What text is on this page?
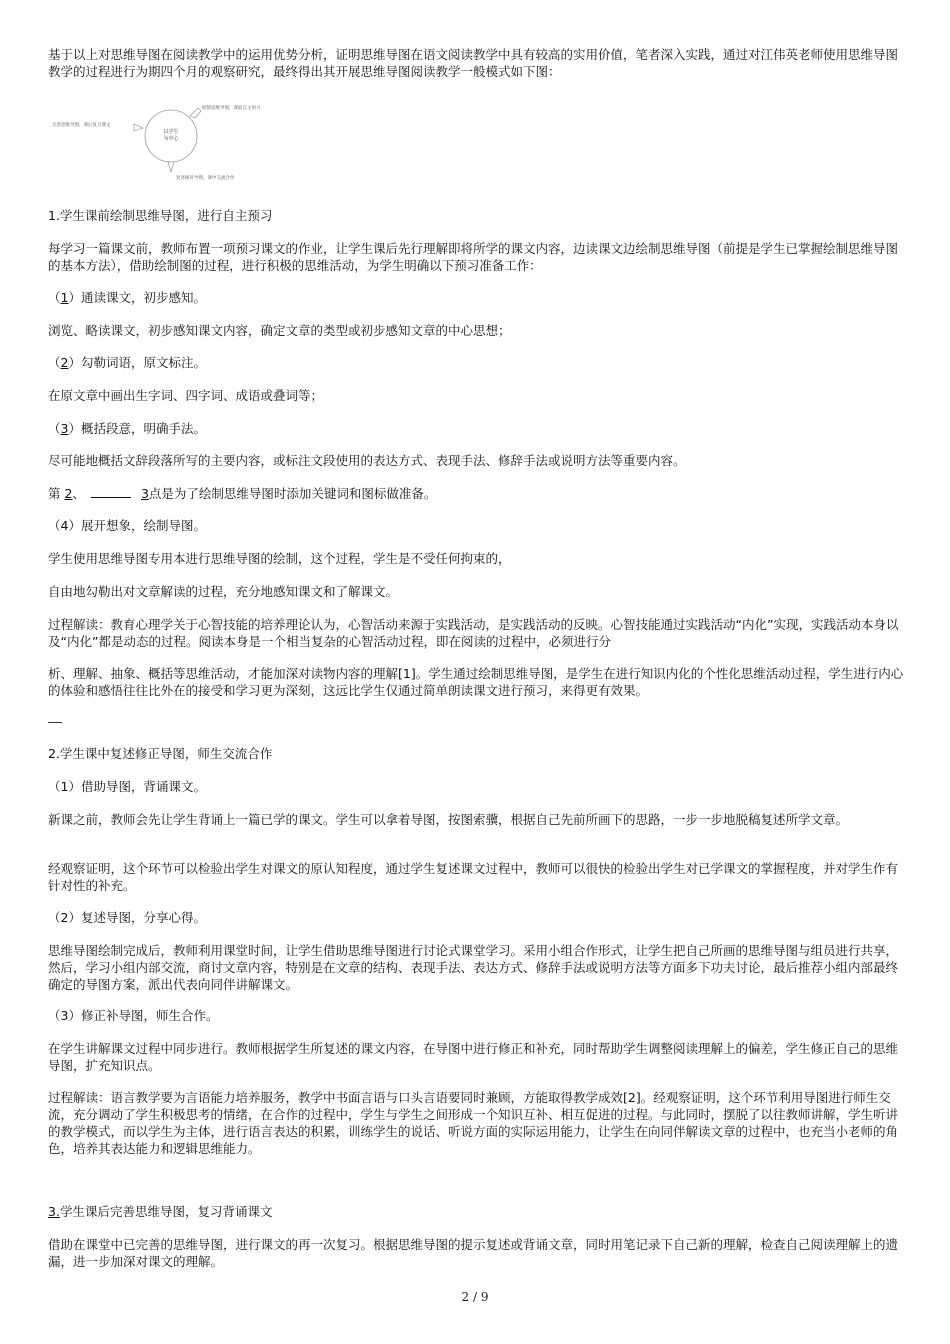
基于以上对思维导图在阅读教学中的运用优势分析，证明思维导图在语文阅读教学中具有较高的实用价值，笔者深入实践，通过对江伟英老师使用思维导图教学的过程进行为期四个月的观察研究，最终得出其开展思维导图阅读教学一般模式如下图：

以学生
为中心
绘制思维导图，课前自主预习
完善思维导图，课后复习课文
复述修补导图，课中交流合作

1.学生课前绘制思维导图，进行自主预习

每学习一篇课文前，教师布置一项预习课文的作业，让学生课后先行理解即将所学的课文内容，边读课文边绘制思维导图（前提是学生已掌握绘制思维导图的基本方法），借助绘制图的过程，进行积极的思维活动，为学生明确以下预习准备工作：

（1）通读课文，初步感知。

浏览、略读课文，初步感知课文内容，确定文章的类型或初步感知文章的中心思想；

（2）勾勒词语，原文标注。

在原文章中画出生字词、四字词、成语或叠词等；

（3）概括段意，明确手法。

尽可能地概括文辞段落所写的主要内容，或标注文段使用的表达方式、表现手法、修辞手法或说明方法等重要内容。

第 2、	3点是为了绘制思维导图时添加关键词和图标做准备。

（4）展开想象，绘制导图。

学生使用思维导图专用本进行思维导图的绘制，这个过程，学生是不受任何拘束的，

自由地勾勒出对文章解读的过程，充分地感知课文和了解课文。

过程解读：教育心理学关于心智技能的培养理论认为，心智活动来源于实践活动，是实践活动的反映。心智技能通过实践活动“内化”实现，实践活动本身以及“内化”都是动态的过程。阅读本身是一个相当复杂的心智活动过程，即在阅读的过程中，必须进行分

析、理解、抽象、概括等思维活动，才能加深对读物内容的理解[1]。学生通过绘制思维导图，是学生在进行知识内化的个性化思维活动过程，学生进行内心的体验和感悟往往比外在的接受和学习更为深刻，这远比学生仅通过简单朗读课文进行预习，来得更有效果。

2.学生课中复述修正导图，师生交流合作

（1）借助导图，背诵课文。

新课之前，教师会先让学生背诵上一篇已学的课文。学生可以拿着导图，按图索骥，根据自己先前所画下的思路，一步一步地脱稿复述所学文章。

经观察证明，这个环节可以检验出学生对课文的原认知程度，通过学生复述课文过程中，教师可以很快的检验出学生对已学课文的掌握程度，并对学生作有针对性的补充。

（2）复述导图，分享心得。

思维导图绘制完成后，教师利用课堂时间，让学生借助思维导图进行讨论式课堂学习。采用小组合作形式，让学生把自己所画的思维导图与组员进行共享，然后，学习小组内部交流，商讨文章内容，特别是在文章的结构、表现手法、表达方式、修辞手法或说明方法等方面多下功夫讨论，最后推荐小组内部最终确定的导图方案，派出代表向同伴讲解课文。

（3）修正补导图，师生合作。

在学生讲解课文过程中同步进行。教师根据学生所复述的课文内容，在导图中进行修正和补充，同时帮助学生调整阅读理解上的偏差，学生修正自己的思维导图，扩充知识点。

过程解读：语言教学要为言语能力培养服务，教学中书面言语与口头言语要同时兼顾，方能取得教学成效[2]。经观察证明，这个环节利用导图进行师生交流，充分调动了学生积极思考的情绪，在合作的过程中，学生与学生之间形成一个知识互补、相互促进的过程。与此同时，摆脱了以往教师讲解，学生听讲的教学模式，而以学生为主体，进行语言表达的积累，训练学生的说话、听说方面的实际运用能力，让学生在向同伴解读文章的过程中，也充当小老师的角色，培养其表达能力和逻辑思维能力。

3.学生课后完善思维导图，复习背诵课文

借助在课堂中已完善的思维导图，进行课文的再一次复习。根据思维导图的提示复述或背诵文章，同时用笔记录下自己新的理解，检查自己阅读理解上的遗漏，进一步加深对课文的理解。

2 / 9
